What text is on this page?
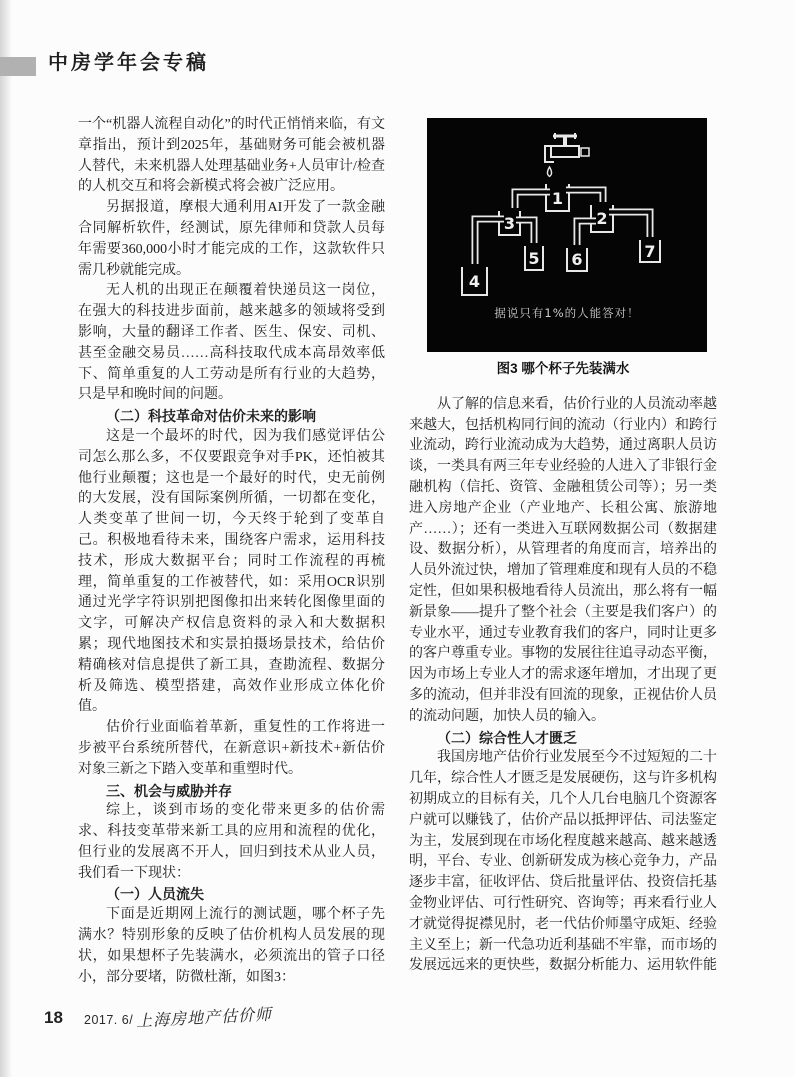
中房学年会专稿

一个“机器人流程自动化”的时代正悄悄来临，有文章指出，预计到2025年，基础财务可能会被机器人替代，未来机器人处理基础业务+人员审计/检查的人机交互和将会新模式将会被广泛应用。

另据报道，摩根大通利用AI开发了一款金融合同解析软件，经测试，原先律师和贷款人员每年需要360,000小时才能完成的工作，这款软件只需几秒就能完成。

无人机的出现正在颠覆着快递员这一岗位，在强大的科技进步面前，越来越多的领域将受到影响，大量的翻译工作者、医生、保安、司机、甚至金融交易员……高科技取代成本高昂效率低下、简单重复的人工劳动是所有行业的大趋势，只是早和晚时间的问题。

（二）科技革命对估价未来的影响

这是一个最坏的时代，因为我们感觉评估公司怎么那么多，不仅要跟竞争对手PK，还怕被其他行业颠覆；这也是一个最好的时代，史无前例的大发展，没有国际案例所循，一切都在变化，人类变革了世间一切，今天终于轮到了变革自己。积极地看待未来，围绕客户需求，运用科技技术，形成大数据平台；同时工作流程的再梳理，简单重复的工作被替代，如：采用OCR识别通过光学字符识别把图像扣出来转化图像里面的文字，可解决产权信息资料的录入和大数据积累；现代地图技术和实景拍摄场景技术，给估价精确核对信息提供了新工具，查勘流程、数据分析及筛选、模型搭建，高效作业形成立体化价值。

估价行业面临着革新，重复性的工作将进一步被平台系统所替代，在新意识+新技术+新估价对象三新之下踏入变革和重塑时代。

三、机会与威胁并存

综上，谈到市场的变化带来更多的估价需求、科技变革带来新工具的应用和流程的优化，但行业的发展离不开人，回归到技术从业人员，我们看一下现状：

（一）人员流失

下面是近期网上流行的测试题，哪个杯子先满水？特别形象的反映了估价机构人员发展的现状，如果想杯子先装满水，必须流出的管子口径小，部分要堵，防微杜渐，如图3：

1
2
3
4
5 6	7
据说只有1%的人能答对！

图3 哪个杯子先装满水

从了解的信息来看，估价行业的人员流动率越来越大，包括机构同行间的流动（行业内）和跨行业流动，跨行业流动成为大趋势，通过离职人员访谈，一类具有两三年专业经验的人进入了非银行金融机构（信托、资管、金融租赁公司等）；另一类进入房地产企业（产业地产、长租公寓、旅游地产……）；还有一类进入互联网数据公司（数据建设、数据分析），从管理者的角度而言，培养出的人员外流过快，增加了管理难度和现有人员的不稳定性，但如果积极地看待人员流出，那么将有一幅新景象——提升了整个社会（主要是我们客户）的专业水平，通过专业教育我们的客户，同时让更多的客户尊重专业。事物的发展往往追寻动态平衡，因为市场上专业人才的需求逐年增加，才出现了更多的流动，但并非没有回流的现象，正视估价人员的流动问题，加快人员的输入。

（二）综合性人才匮乏

我国房地产估价行业发展至今不过短短的二十几年，综合性人才匮乏是发展硬伤，这与许多机构初期成立的目标有关，几个人几台电脑几个资源客户就可以赚钱了，估价产品以抵押评估、司法鉴定为主，发展到现在市场化程度越来越高、越来越透明，平台、专业、创新研发成为核心竞争力，产品逐步丰富，征收评估、贷后批量评估、投资信托基金物业评估、可行性研究、咨询等；再来看行业人才就觉得捉襟见肘，老一代估价师墨守成矩、经验主义至上；新一代急功近利基础不牢靠，而市场的发展远远来的更快些，数据分析能力、运用软件能

18 2017. 6/ 上海房地产估价师
